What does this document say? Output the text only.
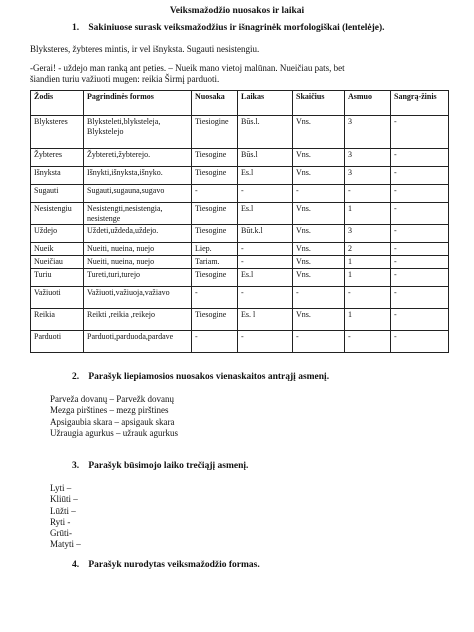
Veiksmažodžio nuosakos ir laikai
1. Sakiniuose surask veiksmažodžius ir išnagrinėk morfologiškai (lentelėje).
Blyksteres, žybteres mintis, ir vel išnyksta. Sugauti nesistengiu.
-Gerai! - uždejo man ranką ant peties. – Nueik mano vietoj malūnan. Nueičiau pats, bet
šiandien turiu važiuoti mugen: reikia Širmį parduoti.
Žodis	Pagrindinės formos	Nuosaka	Laikas	Skaičius	Asmuo	Sangrą-žinis
Blyksteres	Blyksteleti,blyksteleja, Blykstelejo	Tiesiogine	Būs.l.	Vns.	3	-
Žybteres	Žybtereti,žybterejo.	Tiesogine	Būs.l	Vns.	3	-
Išnyksta	Išnykti,išnyksta,išnyko.	Tiesogine	Es.l	Vns.	3	-
Sugauti	Sugauti,sugauna,sugavo	-	-	-	-	-
Nesistengiu	Nesistengti,nesistengia, nesistenge	Tiesogine	Es.l	Vns.	1	-
Uždejo	Uždeti,uždeda,uždejo.	Tiesogine	Būt.k.l	Vns.	3	-
Nueik	Nueiti, nueina, nuejo	Liep.	-	Vns.	2	-
Nueičiau	Nueiti, nueina, nuejo	Tariam.	-	Vns.	1	-
Turiu	Tureti,turi,turejo	Tiesogine	Es.l	Vns.	1	-
Važiuoti	Važiuoti,važiuoja,važiavo	-	-	-	-	-
Reikia	Reikti ,reikia ,reikejo	Tiesogine	Es. l	Vns.	1	-
Parduoti	Parduoti,parduoda,pardave	-	-	-	-	-
2. Parašyk liepiamosios nuosakos vienaskaitos antrąjį asmenį.
Parveža dovanų – Parvežk dovanų
Mezga pirštines – mezg pirštines
Apsigaubia skara – apsigauk skara
Užraugia agurkus – užrauk agurkus
3. Parašyk būsimojo laiko trečiąjį asmenį.
Lyti –
Kliūti –
Lūžti –
Ryti -
Grūti-
Matyti –
4. Parašyk nurodytas veiksmažodžio formas.
